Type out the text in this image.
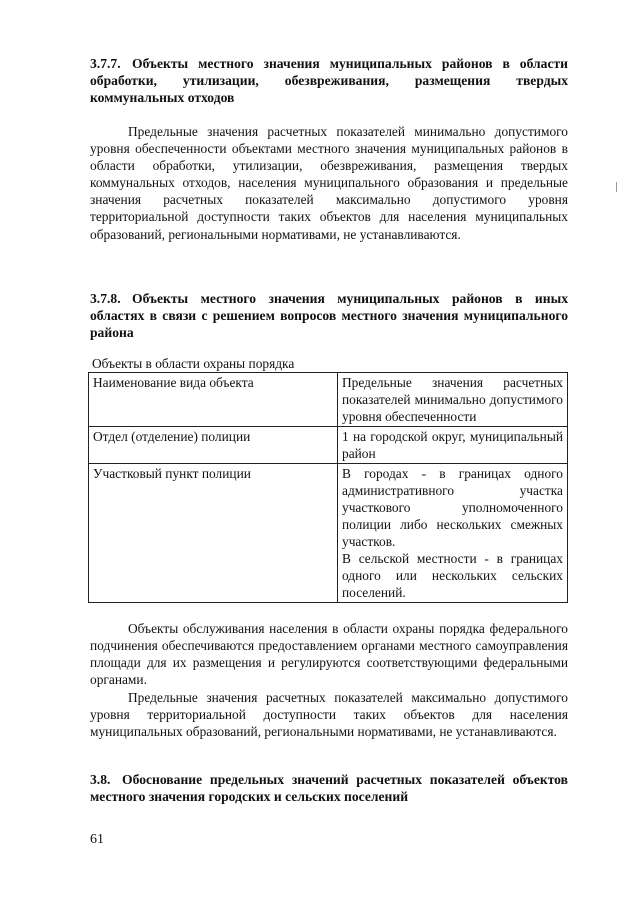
3.7.7. Объекты местного значения муниципальных районов в области обработки, утилизации, обезвреживания, размещения твердых коммунальных отходов

Предельные значения расчетных показателей минимально допустимого уровня обеспеченности объектами местного значения муниципальных районов в области обработки, утилизации, обезвреживания, размещения твердых коммунальных отходов, населения муниципального образования и предельные значения расчетных показателей максимально допустимого уровня территориальной доступности таких объектов для населения муниципальных образований, региональными нормативами, не устанавливаются.

3.7.8. Объекты местного значения муниципальных районов в иных областях в связи с решением вопросов местного значения муниципального района
Объекты в области охраны порядка
Наименование вида объекта	Предельные значения расчетных показателей минимально допустимого уровня обеспеченности
Отдел (отделение) полиции	1 на городской округ, муниципальный район

Участковый пункт полиции	В городах - в границах одного административного участка участкового уполномоченного полиции либо нескольких смежных участков.

В сельской местности - в границах одного или нескольких сельских поселений.

Объекты обслуживания населения в области охраны порядка федерального подчинения обеспечиваются предоставлением органами местного самоуправления площади для их размещения и регулируются соответствующими федеральными органами.

Предельные значения расчетных показателей максимально допустимого уровня территориальной доступности таких объектов для населения муниципальных образований, региональными нормативами, не устанавливаются.

3.8. Обоснование предельных значений расчетных показателей объектов местного значения городских и сельских поселений
61
